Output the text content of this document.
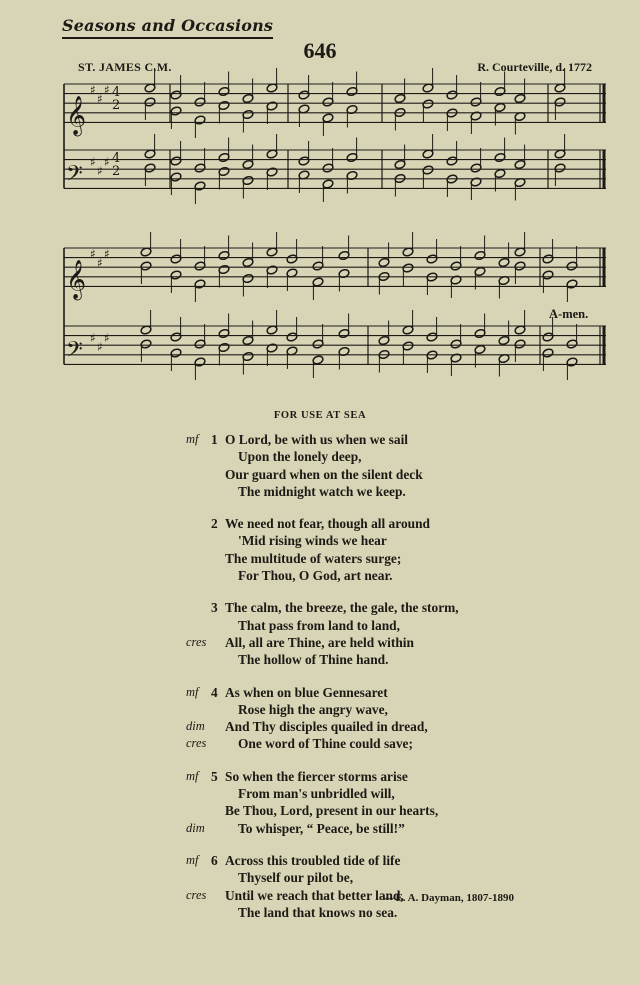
Seasons and Occasions
646
ST. JAMES C.M.	R. Courteville, d. 1772
𝄞
𝄢
♯
♯
♯
♯
♯
♯
4
2
4
2
𝄞
𝄢
♯
♯
♯
♯
♯
♯
A-men.
FOR USE AT SEA
mf 1 O Lord, be with us when we sail
Upon the lonely deep,
Our guard when on the silent deck
The midnight watch we keep.
2 We need not fear, though all around
'Mid rising winds we hear
The multitude of waters surge;
For Thou, O God, art near.
3 The calm, the breeze, the gale, the storm,
That pass from land to land,
cres All, all are Thine, are held within
The hollow of Thine hand.
mf 4 As when on blue Gennesaret
Rose high the angry wave,
dim And Thy disciples quailed in dread,
cres One word of Thine could save;
mf 5 So when the fiercer storms arise
From man's unbridled will,
Be Thou, Lord, present in our hearts,
dim To whisper, “ Peace, be still!”
mf 6 Across this troubled tide of life
Thyself our pilot be,
cres Until we reach that better land,
The land that knows no sea.
—E. A. Dayman, 1807-1890
